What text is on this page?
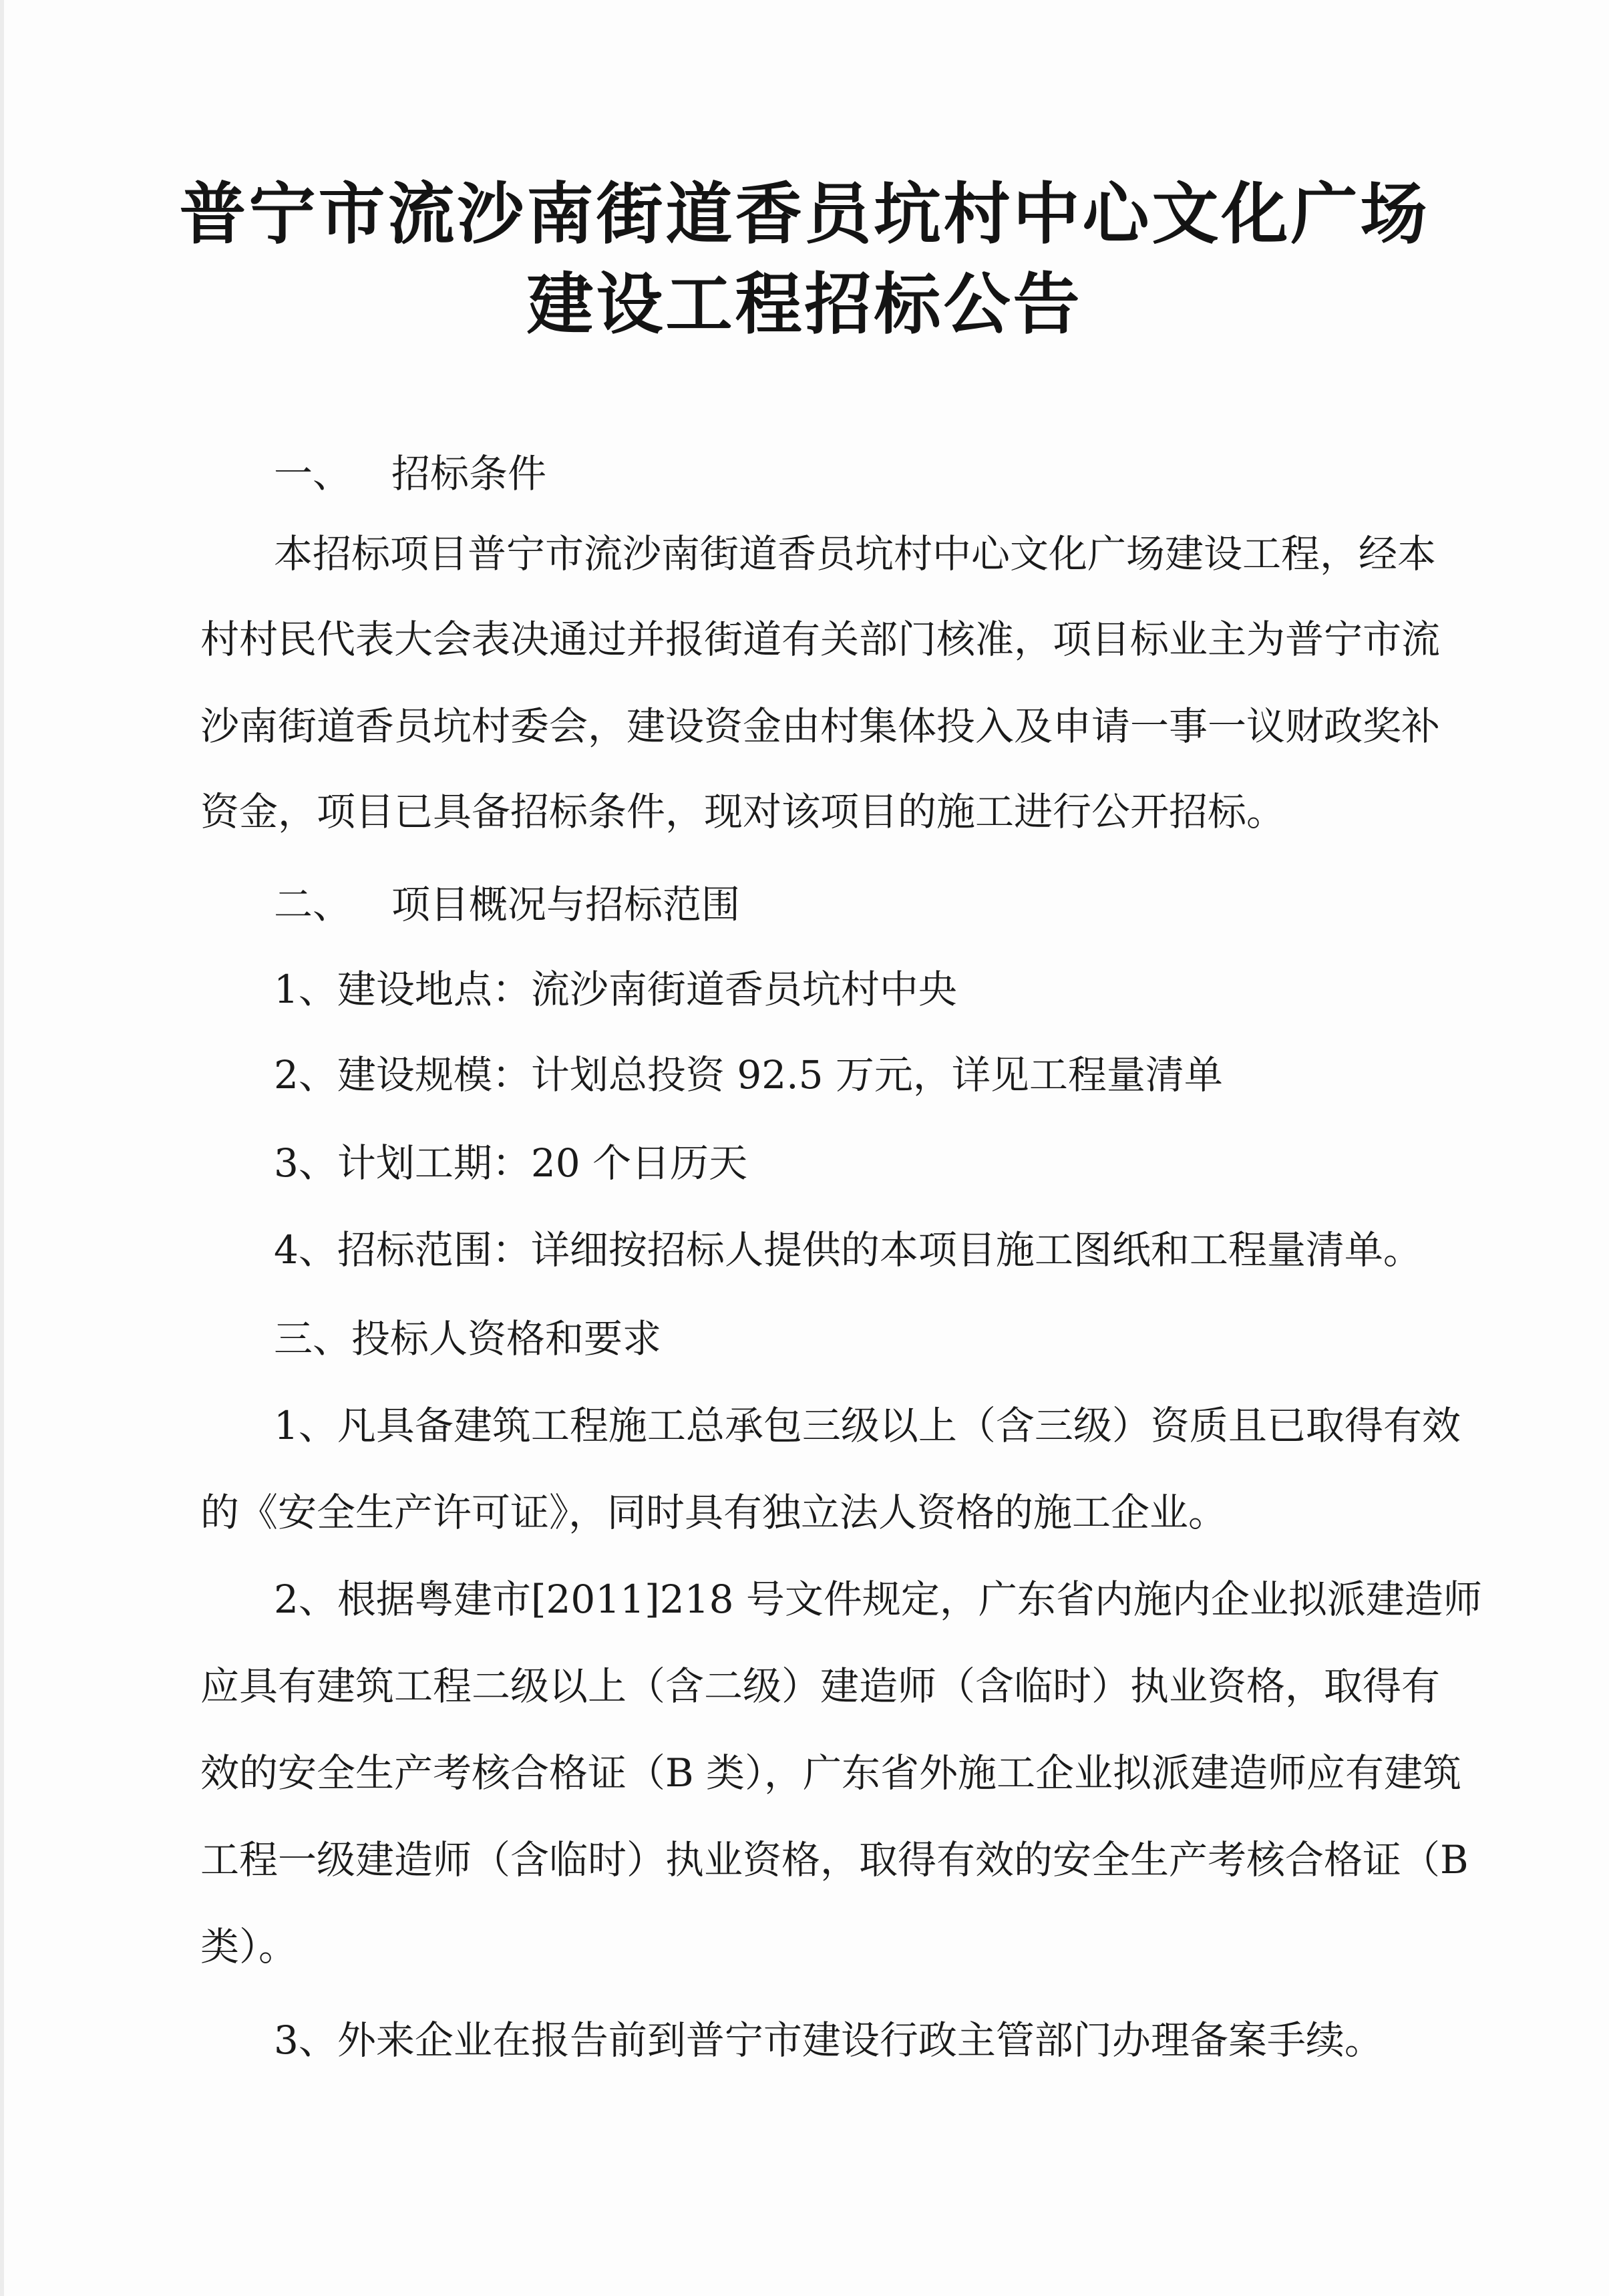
普宁市流沙南街道香员坑村中心文化广场
建设工程招标公告
一、 招标条件
本招标项目普宁市流沙南街道香员坑村中心文化广场建设工程，经本
村村民代表大会表决通过并报街道有关部门核准，项目标业主为普宁市流
沙南街道香员坑村委会，建设资金由村集体投入及申请一事一议财政奖补
资金，项目已具备招标条件，现对该项目的施工进行公开招标。
二、 项目概况与招标范围
1、建设地点：流沙南街道香员坑村中央
2、建设规模：计划总投资 92.5 万元，详见工程量清单
3、计划工期：20 个日历天
4、招标范围：详细按招标人提供的本项目施工图纸和工程量清单。
三、投标人资格和要求
1、凡具备建筑工程施工总承包三级以上（含三级）资质且已取得有效
的《安全生产许可证》，同时具有独立法人资格的施工企业。
2、根据粤建市[2011]218 号文件规定，广东省内施内企业拟派建造师
应具有建筑工程二级以上（含二级）建造师（含临时）执业资格，取得有
效的安全生产考核合格证（B 类），广东省外施工企业拟派建造师应有建筑
工程一级建造师（含临时）执业资格，取得有效的安全生产考核合格证（B
类）。
3、外来企业在报告前到普宁市建设行政主管部门办理备案手续。
